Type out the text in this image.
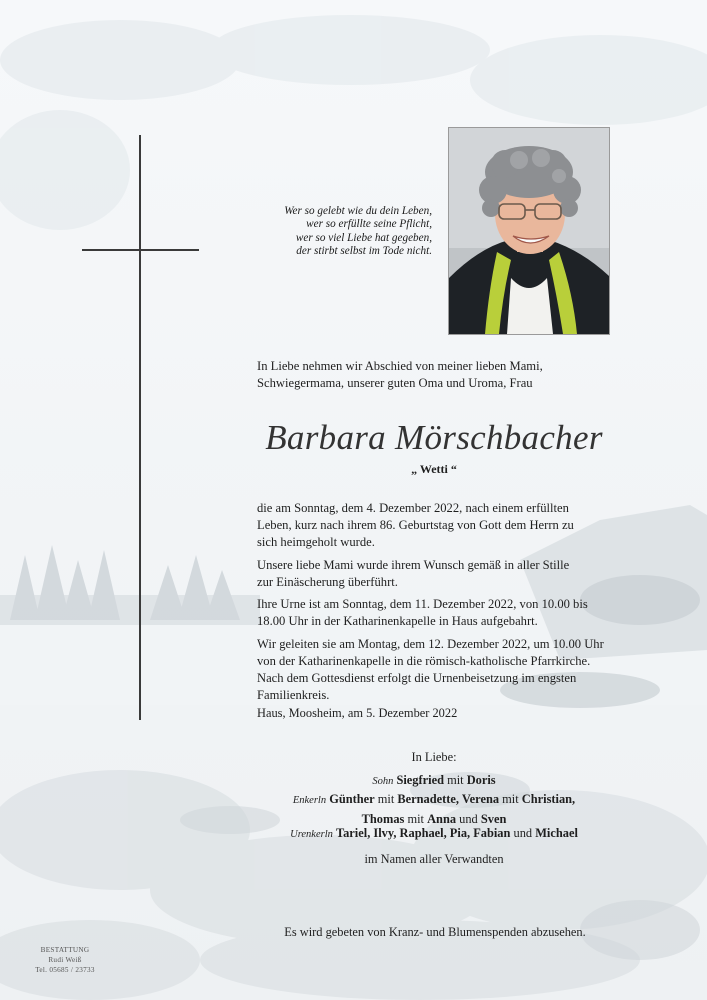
Wer so gelebt wie du dein Leben,
wer so erfüllte seine Pflicht,
wer so viel Liebe hat gegeben,
der stirbt selbst im Tode nicht.
In Liebe nehmen wir Abschied von meiner lieben Mami,
Schwiegermama, unserer guten Oma und Uroma, Frau
Barbara Mörschbacher
„ Wetti “
die am Sonntag, dem 4. Dezember 2022, nach einem erfüllten
Leben, kurz nach ihrem 86. Geburtstag von Gott dem Herrn zu
sich heimgeholt wurde.
Unsere liebe Mami wurde ihrem Wunsch gemäß in aller Stille
zur Einäscherung überführt.
Ihre Urne ist am Sonntag, dem 11. Dezember 2022, von 10.00 bis
18.00 Uhr in der Katharinenkapelle in Haus aufgebahrt.
Wir geleiten sie am Montag, dem 12. Dezember 2022, um 10.00 Uhr
von der Katharinenkapelle in die römisch-katholische Pfarrkirche.
Nach dem Gottesdienst erfolgt die Urnenbeisetzung im engsten
Familienkreis.
Haus, Moosheim, am 5. Dezember 2022
In Liebe:
Sohn Siegfried mit Doris
Enkerln Günther mit Bernadette, Verena mit Christian,
Thomas mit Anna und Sven
Urenkerln Tariel, Ilvy, Raphael, Pia, Fabian und Michael
im Namen aller Verwandten
Es wird gebeten von Kranz- und Blumenspenden abzusehen.
BESTATTUNG
Rudi Weiß
Tel. 05685 / 23733
